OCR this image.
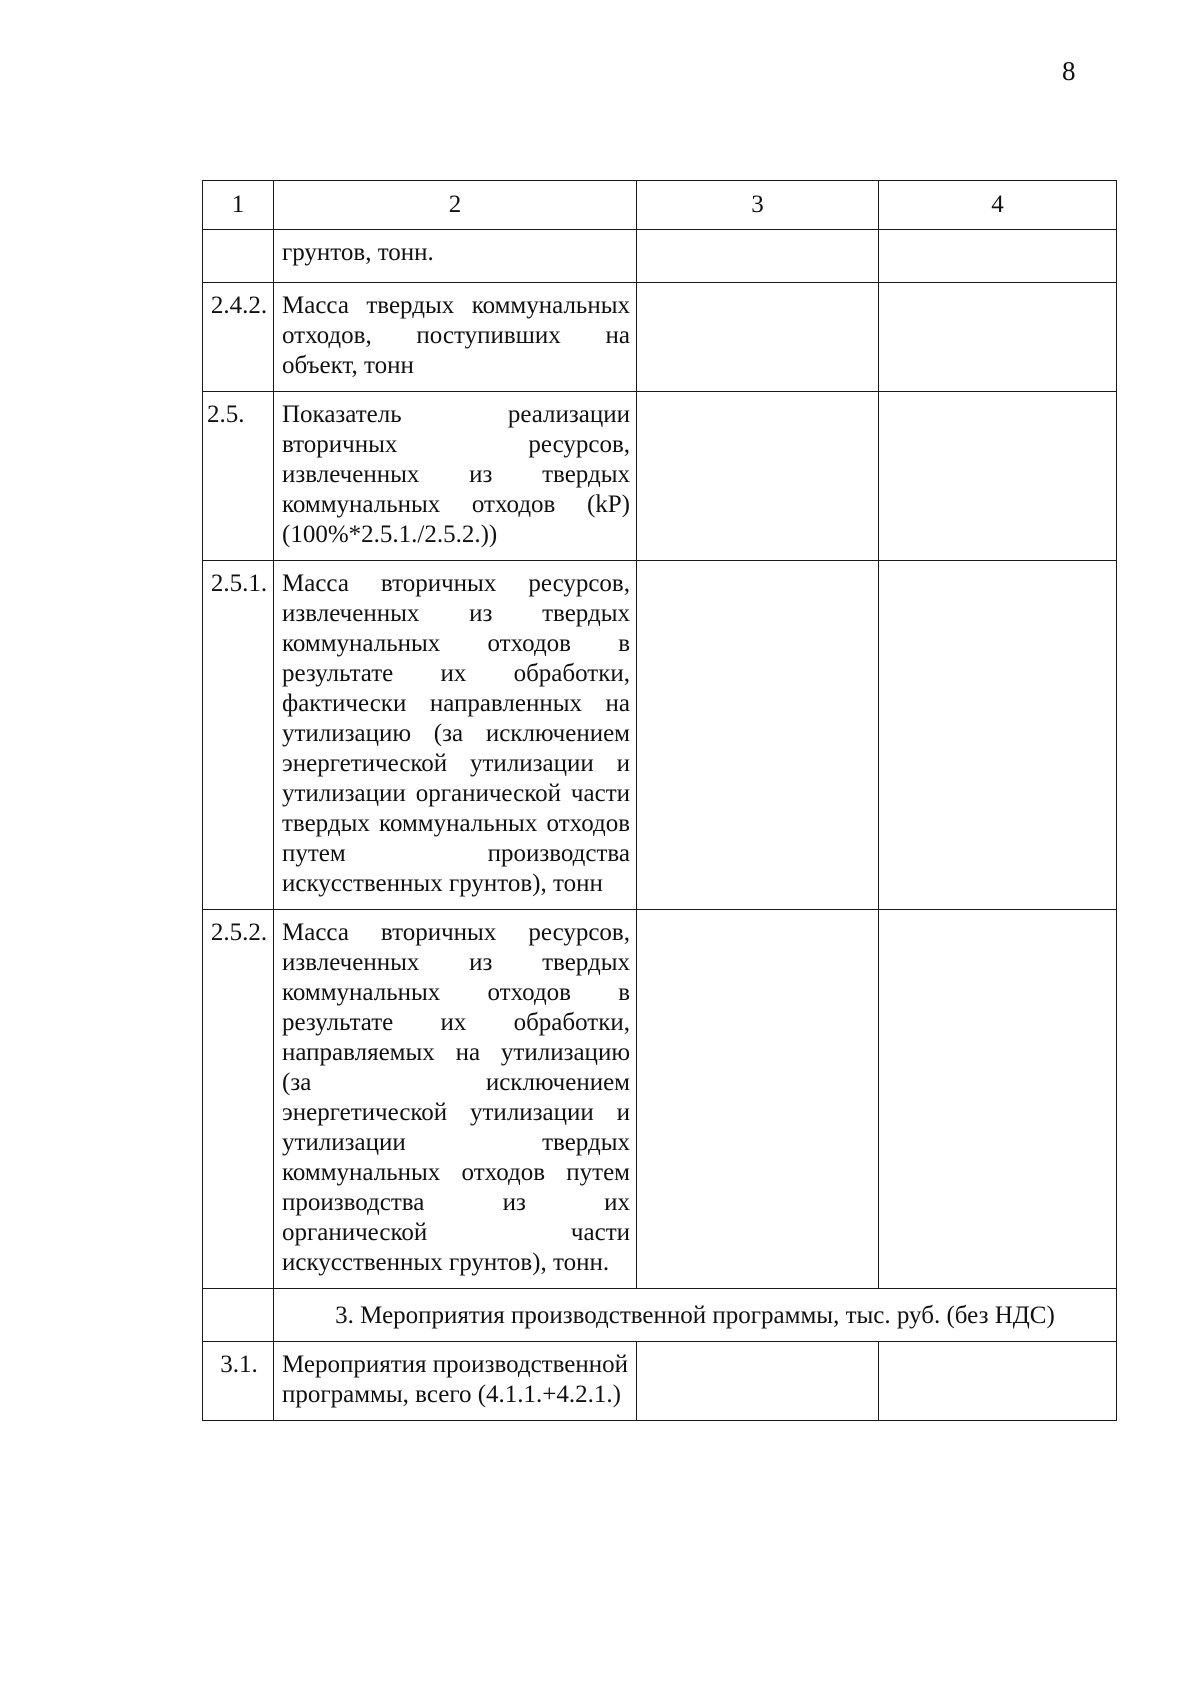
8
1	2	3	4
	грунтов, тонн.		
2.4.2.	Масса твердых коммунальных отходов, поступивших на объект, тонн		
2.5.	Показатель реализации вторичных ресурсов, извлеченных из твердых коммунальных отходов (kP) (100%*2.5.1./2.5.2.))		
2.5.1.	Масса вторичных ресурсов, извлеченных из твердых коммунальных отходов в результате их обработки, фактически направленных на утилизацию (за исключением энергетической утилизации и утилизации органической части твердых коммунальных отходов путем производства искусственных грунтов), тонн		
2.5.2.	Масса вторичных ресурсов, извлеченных из твердых коммунальных отходов в результате их обработки, направляемых на утилизацию (за исключением энергетической утилизации и утилизации твердых коммунальных отходов путем производства из их органической части искусственных грунтов), тонн.		
	3. Мероприятия производственной программы, тыс. руб. (без НДС)		
3.1.	Мероприятия производственной программы, всего (4.1.1.+4.2.1.)		
